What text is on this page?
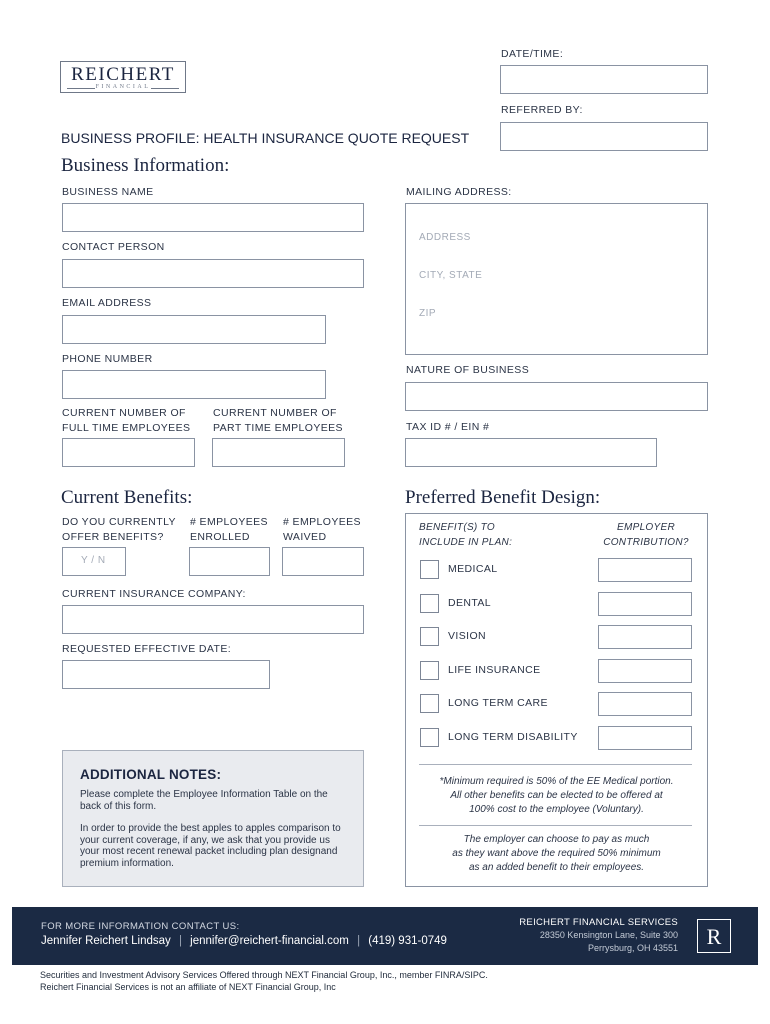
REICHERT
FINANCIAL
DATE/TIME:
REFERRED BY:
BUSINESS PROFILE: HEALTH INSURANCE QUOTE REQUEST
Business Information:
BUSINESS NAME
CONTACT PERSON
EMAIL ADDRESS
PHONE NUMBER
CURRENT NUMBER OF
FULL TIME EMPLOYEES
CURRENT NUMBER OF
PART TIME EMPLOYEES
MAILING ADDRESS:
ADDRESS
CITY, STATE
ZIP
NATURE OF BUSINESS
TAX ID # / EIN #
Current Benefits:
DO YOU CURRENTLY
OFFER BENEFITS?
Y / N
# EMPLOYEES
ENROLLED
# EMPLOYEES
WAIVED
CURRENT INSURANCE COMPANY:
REQUESTED EFFECTIVE DATE:
ADDITIONAL NOTES:
Please complete the Employee Information Table on the back of this form.
In order to provide the best apples to apples comparison to your current coverage, if any, we ask that you provide us your most recent renewal packet including plan designand premium information.
Preferred Benefit Design:
BENEFIT(S) TO
INCLUDE IN PLAN:
EMPLOYER
CONTRIBUTION?
MEDICAL
DENTAL
VISION
LIFE INSURANCE
LONG TERM CARE
LONG TERM DISABILITY
*Minimum required is 50% of the EE Medical portion.
All other benefits can be elected to be offered at
100% cost to the employee (Voluntary).
The employer can choose to pay as much
as they want above the required 50% minimum
as an added benefit to their employees.
FOR MORE INFORMATION CONTACT US:
Jennifer Reichert Lindsay | jennifer@reichert-financial.com | (419) 931-0749
REICHERT FINANCIAL SERVICES
28350 Kensington Lane, Suite 300
Perrysburg, OH 43551	R
Securities and Investment Advisory Services Offered through NEXT Financial Group, Inc., member FINRA/SIPC.
Reichert Financial Services is not an affiliate of NEXT Financial Group, Inc
